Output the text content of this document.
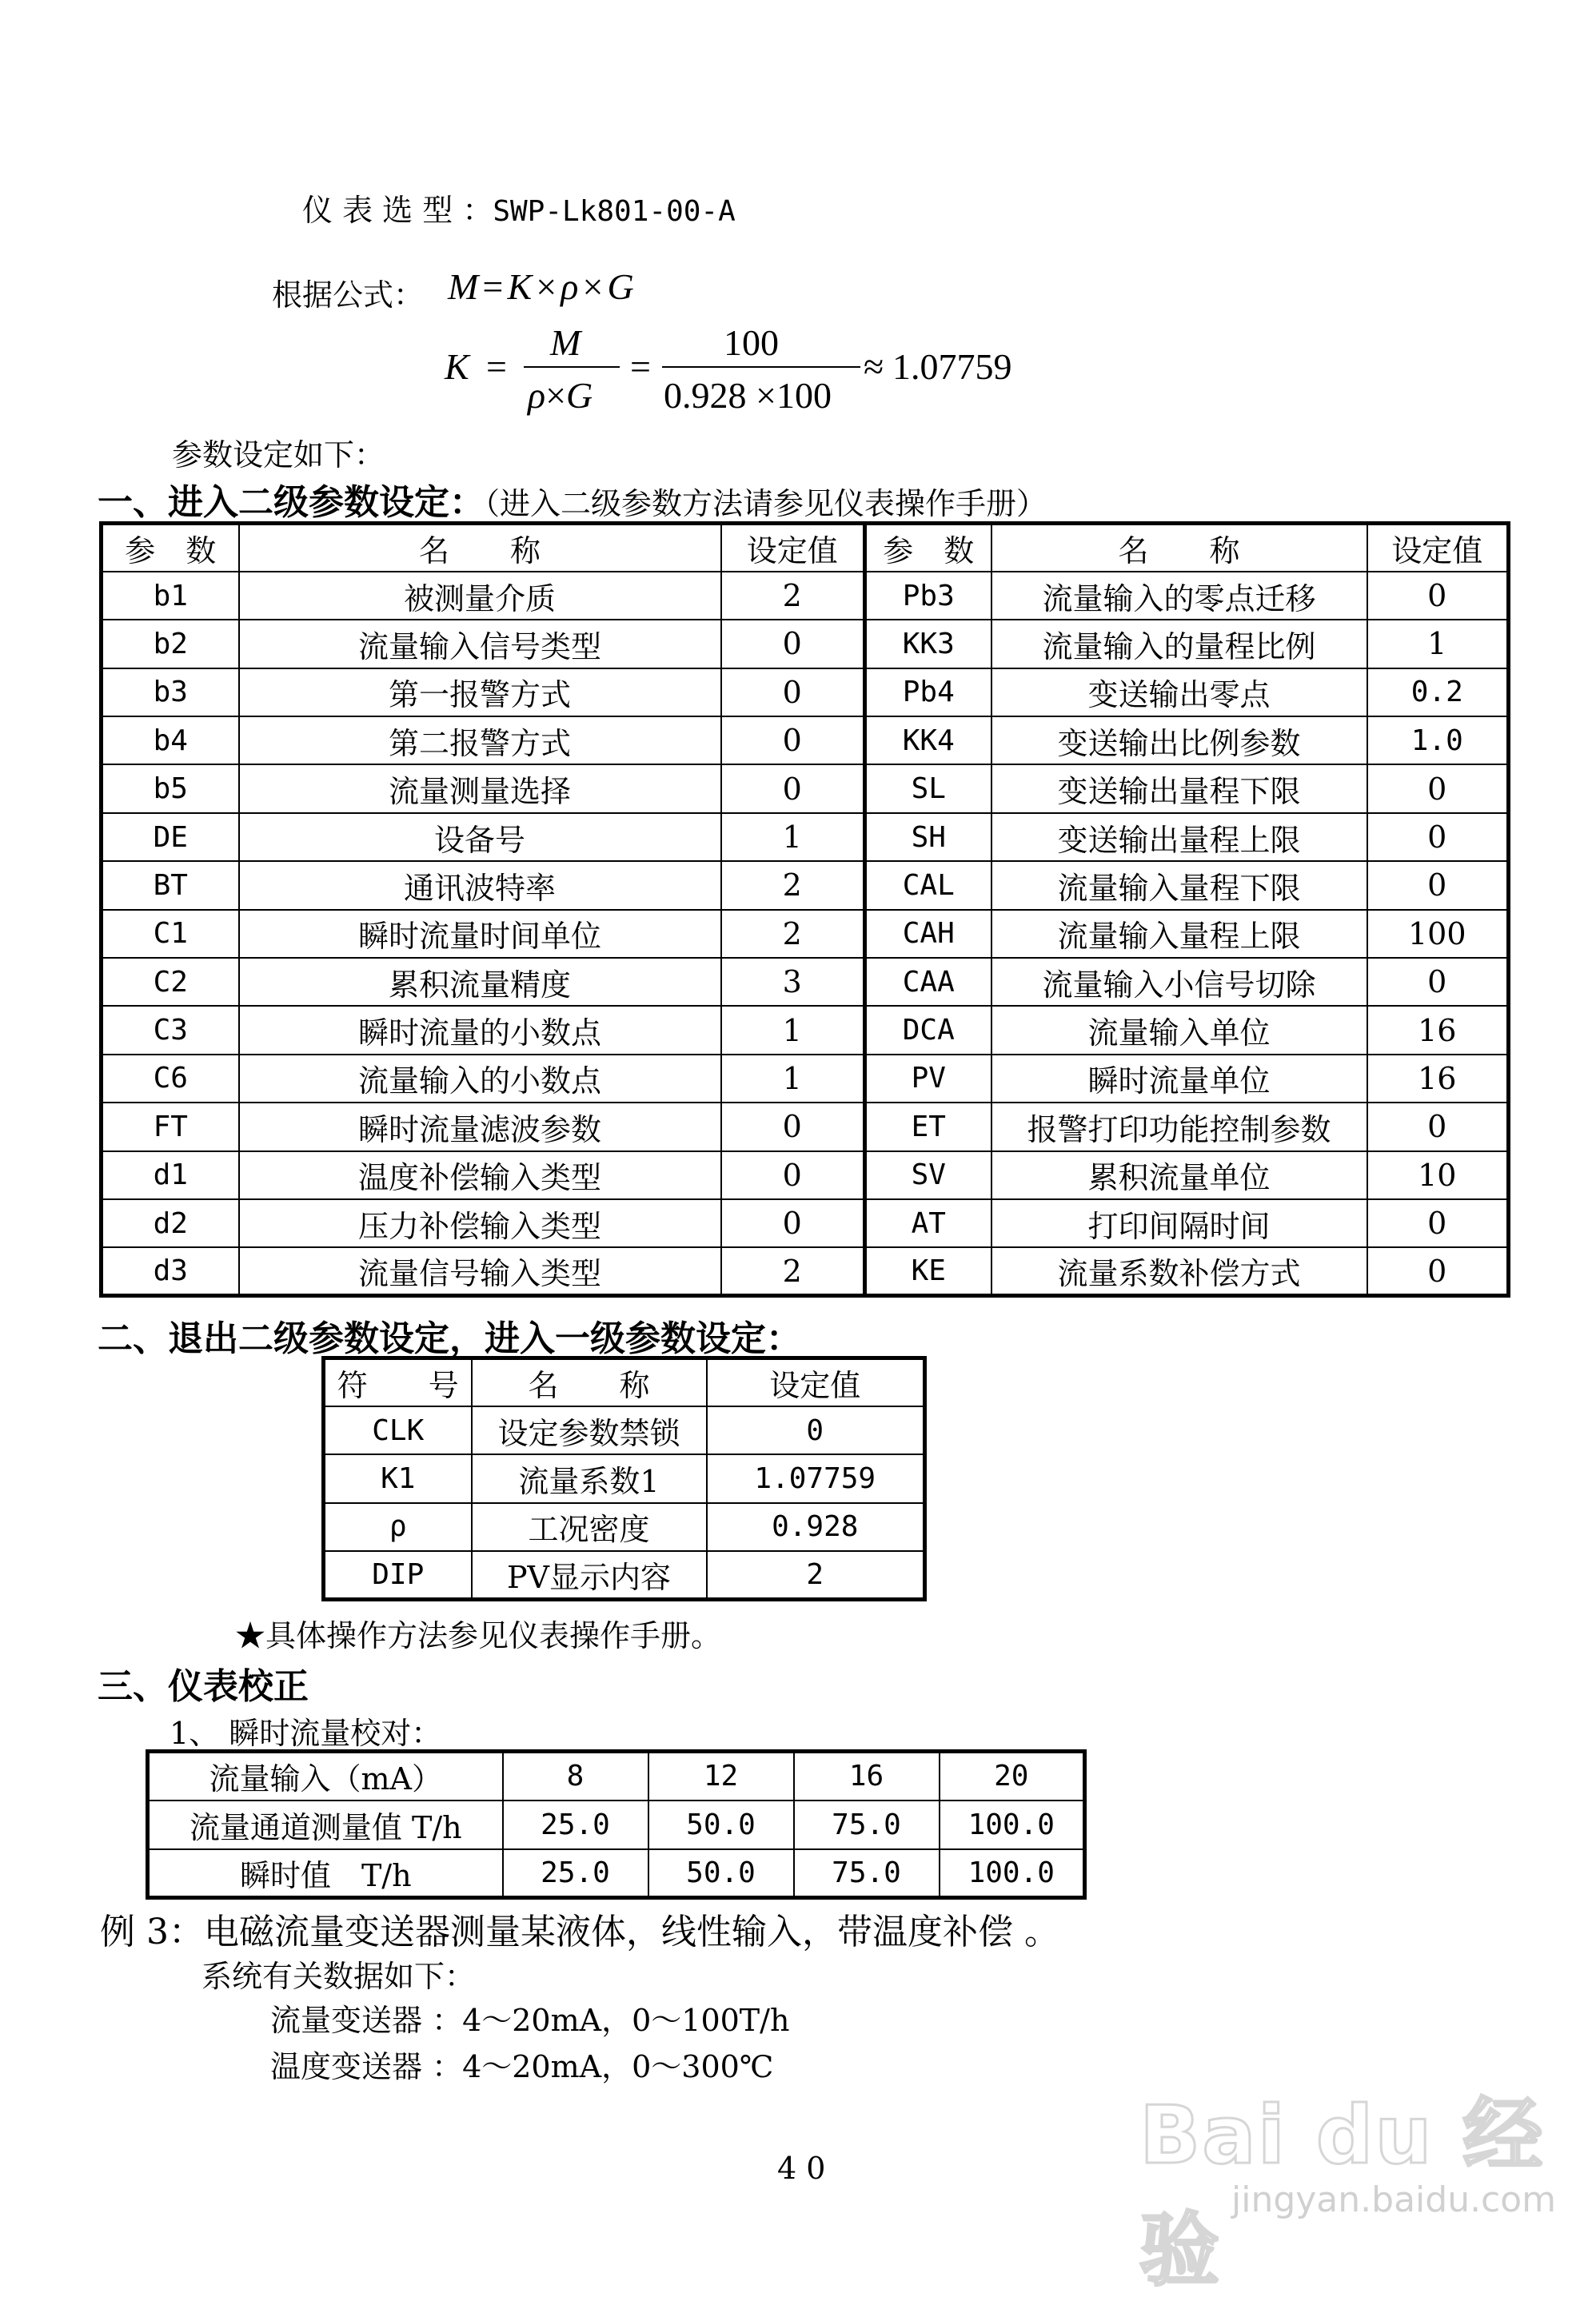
仪 表 选 型 ：SWP-Lk801-00-A
根据公式： M = K × ρ × G
K =
M
ρ×G
=
100
0.928 ×100
≈ 1.07759
参数设定如下：
一、进入二级参数设定：（进入二级参数方法请参见仪表操作手册）
参　数	名　　称	设定值	参　数	名　　称	设定值
b1	被测量介质	2	Pb3	流量输入的零点迁移	0
b2	流量输入信号类型	0	KK3	流量输入的量程比例	1
b3	第一报警方式	0	Pb4	变送输出零点	0.2
b4	第二报警方式	0	KK4	变送输出比例参数	1.0
b5	流量测量选择	0	SL	变送输出量程下限	0
DE	设备号	1	SH	变送输出量程上限	0
BT	通讯波特率	2	CAL	流量输入量程下限	0
C1	瞬时流量时间单位	2	CAH	流量输入量程上限	100
C2	累积流量精度	3	CAA	流量输入小信号切除	0
C3	瞬时流量的小数点	1	DCA	流量输入单位	16
C6	流量输入的小数点	1	PV	瞬时流量单位	16
FT	瞬时流量滤波参数	0	ET	报警打印功能控制参数	0
d1	温度补偿输入类型	0	SV	累积流量单位	10
d2	压力补偿输入类型	0	AT	打印间隔时间	0
d3	流量信号输入类型	2	KE	流量系数补偿方式	0
二、退出二级参数设定，进入一级参数设定：
符　　号	名　　称	设定值
CLK	设定参数禁锁	0
K1	流量系数1	1.07759
ρ	工况密度	0.928
DIP	PV显示内容	2
★具体操作方法参见仪表操作手册。
三、仪表校正
1、 瞬时流量校对：
流量输入（mA）	8	12	16	20
流量通道测量值 T/h	25.0	50.0	75.0	100.0
瞬时值　T/h	25.0	50.0	75.0	100.0
例 3：电磁流量变送器测量某液体，线性输入，带温度补偿 。
系统有关数据如下：
流量变送器 ：4～20mA，0～100T/h
温度变送器 ：4～20mA，0～300℃
4 0	Bai du 经验
jingyan.baidu.com
